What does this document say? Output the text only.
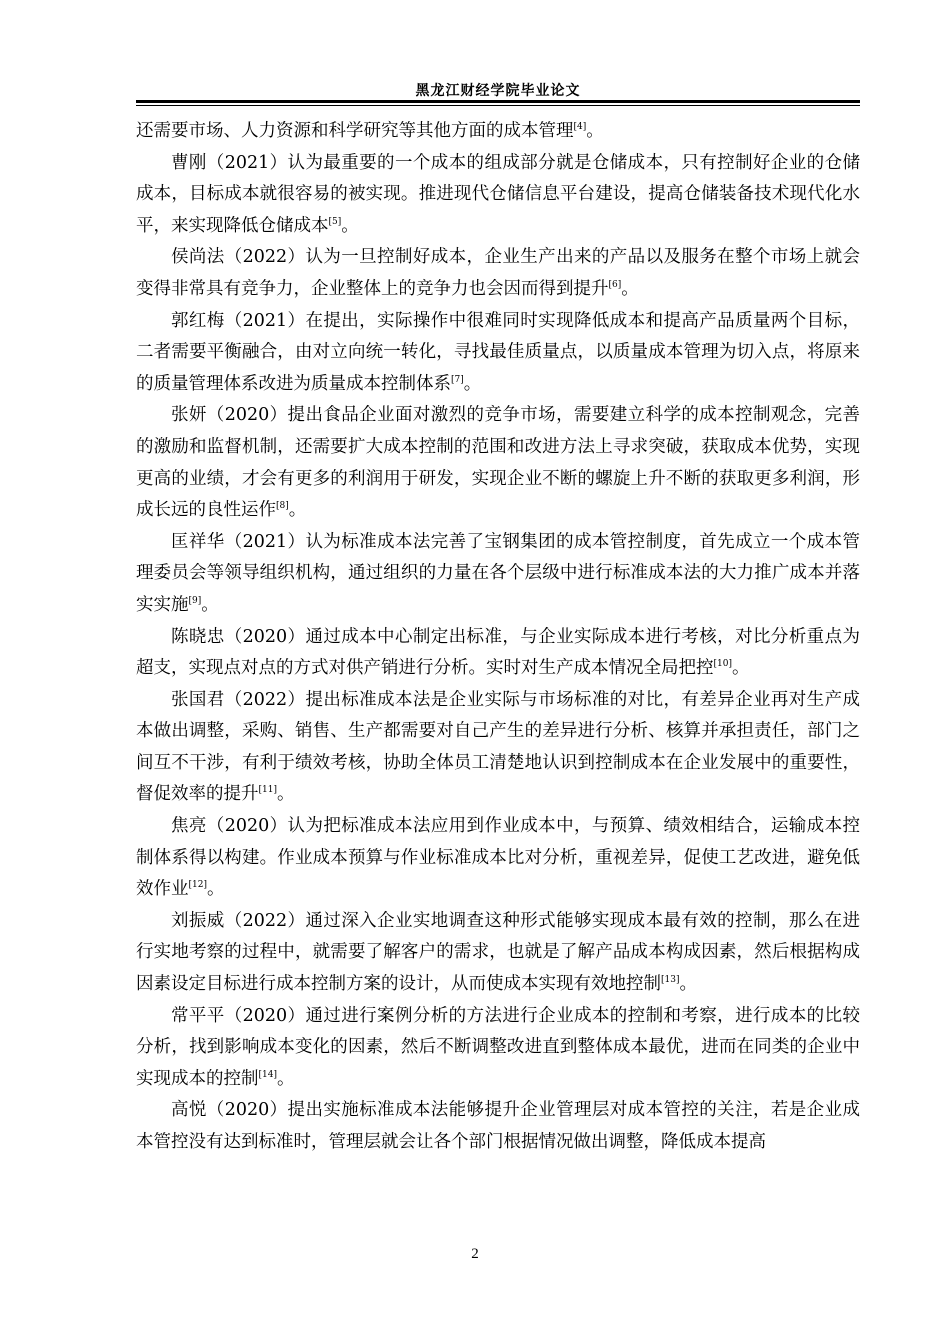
黑龙江财经学院毕业论文

还需要市场、人力资源和科学研究等其他方面的成本管理[4]。

曹刚（2021）认为最重要的一个成本的组成部分就是仓储成本，只有控制好企业的仓储成本，目标成本就很容易的被实现。推进现代仓储信息平台建设，提高仓储装备技术现代化水平，来实现降低仓储成本[5]。

侯尚法（2022）认为一旦控制好成本，企业生产出来的产品以及服务在整个市场上就会变得非常具有竞争力，企业整体上的竞争力也会因而得到提升[6]。

郭红梅（2021）在提出，实际操作中很难同时实现降低成本和提高产品质量两个目标，二者需要平衡融合，由对立向统一转化，寻找最佳质量点，以质量成本管理为切入点，将原来的质量管理体系改进为质量成本控制体系[7]。

张妍（2020）提出食品企业面对激烈的竞争市场，需要建立科学的成本控制观念，完善的激励和监督机制，还需要扩大成本控制的范围和改进方法上寻求突破，获取成本优势，实现更高的业绩，才会有更多的利润用于研发，实现企业不断的螺旋上升不断的获取更多利润，形成长远的良性运作[8]。

匡祥华（2021）认为标准成本法完善了宝钢集团的成本管控制度，首先成立一个成本管理委员会等领导组织机构，通过组织的力量在各个层级中进行标准成本法的大力推广成本并落实实施[9]。

陈晓忠（2020）通过成本中心制定出标准，与企业实际成本进行考核，对比分析重点为超支，实现点对点的方式对供产销进行分析。实时对生产成本情况全局把控[10]。

张国君（2022）提出标准成本法是企业实际与市场标准的对比，有差异企业再对生产成本做出调整，采购、销售、生产都需要对自己产生的差异进行分析、核算并承担责任，部门之间互不干涉，有利于绩效考核，协助全体员工清楚地认识到控制成本在企业发展中的重要性，督促效率的提升[11]。

焦亮（2020）认为把标准成本法应用到作业成本中，与预算、绩效相结合，运输成本控制体系得以构建。作业成本预算与作业标准成本比对分析，重视差异，促使工艺改进，避免低效作业[12]。

刘振威（2022）通过深入企业实地调查这种形式能够实现成本最有效的控制，那么在进行实地考察的过程中，就需要了解客户的需求，也就是了解产品成本构成因素，然后根据构成因素设定目标进行成本控制方案的设计，从而使成本实现有效地控制[13]。

常平平（2020）通过进行案例分析的方法进行企业成本的控制和考察，进行成本的比较分析，找到影响成本变化的因素，然后不断调整改进直到整体成本最优，进而在同类的企业中实现成本的控制[14]。

高悦（2020）提出实施标准成本法能够提升企业管理层对成本管控的关注，若是企业成本管控没有达到标准时，管理层就会让各个部门根据情况做出调整，降低成本提高

2
